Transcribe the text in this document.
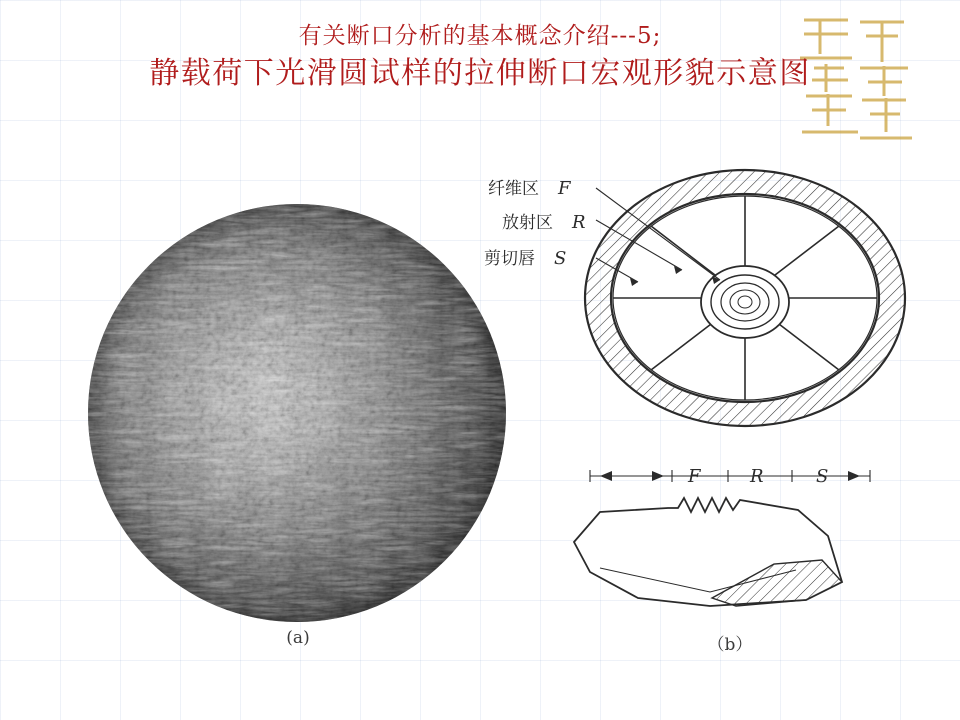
有关断口分析的基本概念介绍---5;
静载荷下光滑圆试样的拉伸断口宏观形貌示意图
(a)
纤维区 F
放射区 R
剪切唇 S
F	R	S
（b）
